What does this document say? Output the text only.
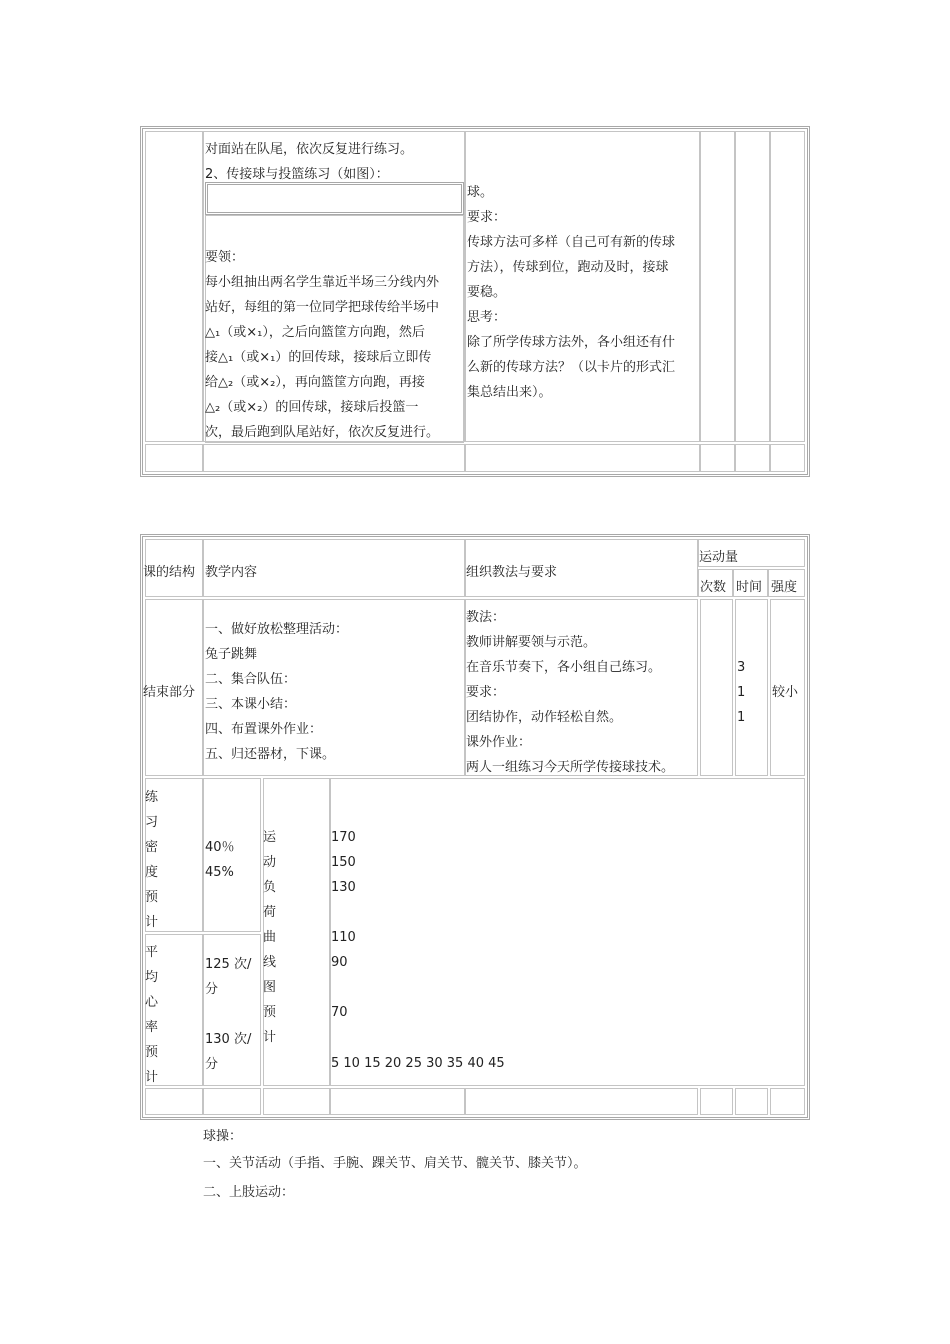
对面站在队尾，依次反复进行练习。
2、传接球与投篮练习（如图）：
要领：
每小组抽出两名学生靠近半场三分线内外
站好，每组的第一位同学把球传给半场中
△₁（或×₁），之后向篮筐方向跑，然后
接△₁（或×₁）的回传球，接球后立即传
给△₂（或×₂），再向篮筐方向跑，再接
△₂（或×₂）的回传球，接球后投篮一
次，最后跑到队尾站好，依次反复进行。
球。
要求：
传球方法可多样（自己可有新的传球
方法），传球到位，跑动及时，接球
要稳。
思考：
除了所学传球方法外，各小组还有什
么新的传球方法？（以卡片的形式汇
集总结出来）。
课的结构 教学内容	组织教法与要求
运动量
次数 时间 强度
结束部分
一、做好放松整理活动：
兔子跳舞
二、集合队伍：
三、本课小结：
四、布置课外作业：
五、归还器材，下课。
教法：
教师讲解要领与示范。
在音乐节奏下，各小组自己练习。
要求：
团结协作，动作轻松自然。
课外作业：
两人一组练习今天所学传接球技术。
3
1
1
较小
练
习
密
度
预
计
40％
45%
平
均
心
率
预
计
125 次/
分
130 次/
分
运
动
负
荷
曲
线
图
预
计
170
150
130
110
90
70
5 10 15 20 25 30 35 40 45
球操：
一、关节活动（手指、手腕、踝关节、肩关节、髋关节、膝关节）。
二、上肢运动：
